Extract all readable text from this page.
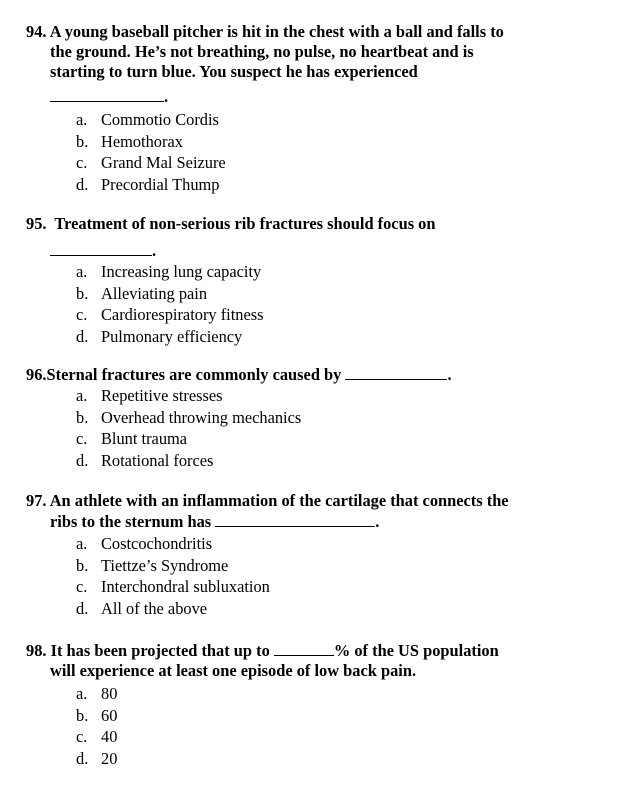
94. A young baseball pitcher is hit in the chest with a ball and falls to
the ground. He’s not breathing, no pulse, no heartbeat and is
starting to turn blue. You suspect he has experienced
.

a. Commotio Cordis
b. Hemothorax
c. Grand Mal Seizure
d. Precordial Thump

95. Treatment of non-serious rib fractures should focus on
.

a. Increasing lung capacity
b. Alleviating pain
c. Cardiorespiratory fitness
d. Pulmonary efficiency

96.Sternal fractures are commonly caused by	.

a. Repetitive stresses
b. Overhead throwing mechanics
c. Blunt trauma
d. Rotational forces

97. An athlete with an inflammation of the cartilage that connects the
ribs to the sternum has	.

a. Costcochondritis
b. Tiettze’s Syndrome
c. Interchondral subluxation
d. All of the above

98. It has been projected that up to	% of the US population
will experience at least one episode of low back pain.

a. 80
b. 60
c. 40
d. 20
